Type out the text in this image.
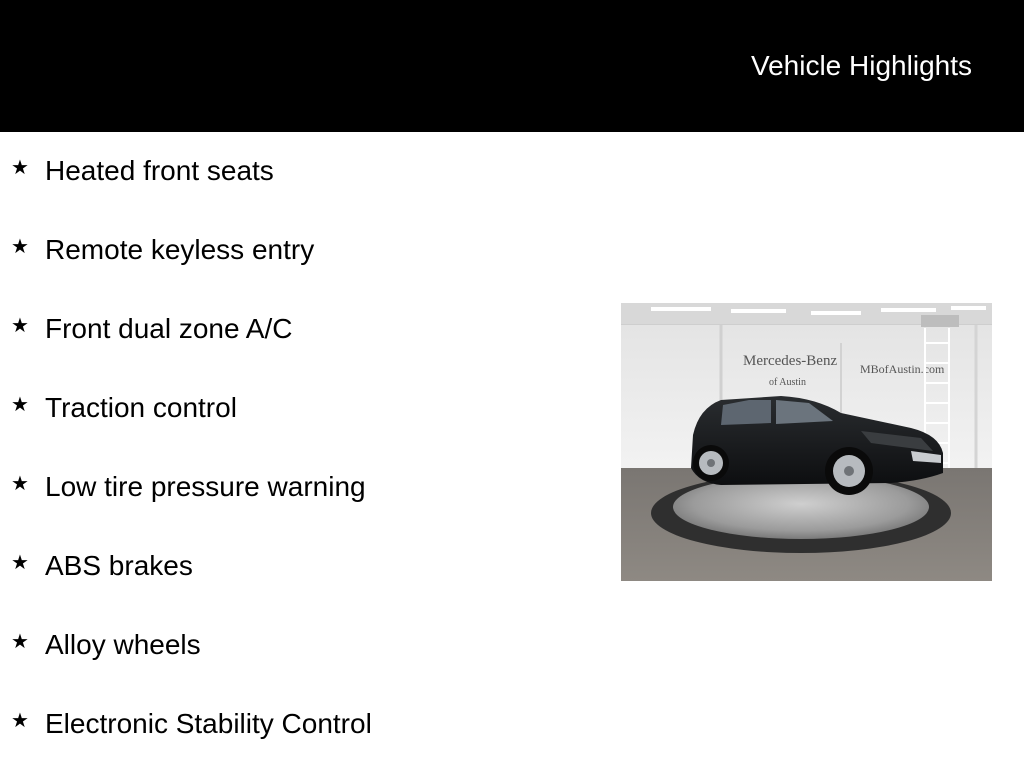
Vehicle Highlights
★ Heated front seats
★ Remote keyless entry
★ Front dual zone A/C
★ Traction control
★ Low tire pressure warning
★ ABS brakes
★ Alloy wheels
★ Electronic Stability Control
Mercedes-Benz
of Austin
MBofAustin.com
